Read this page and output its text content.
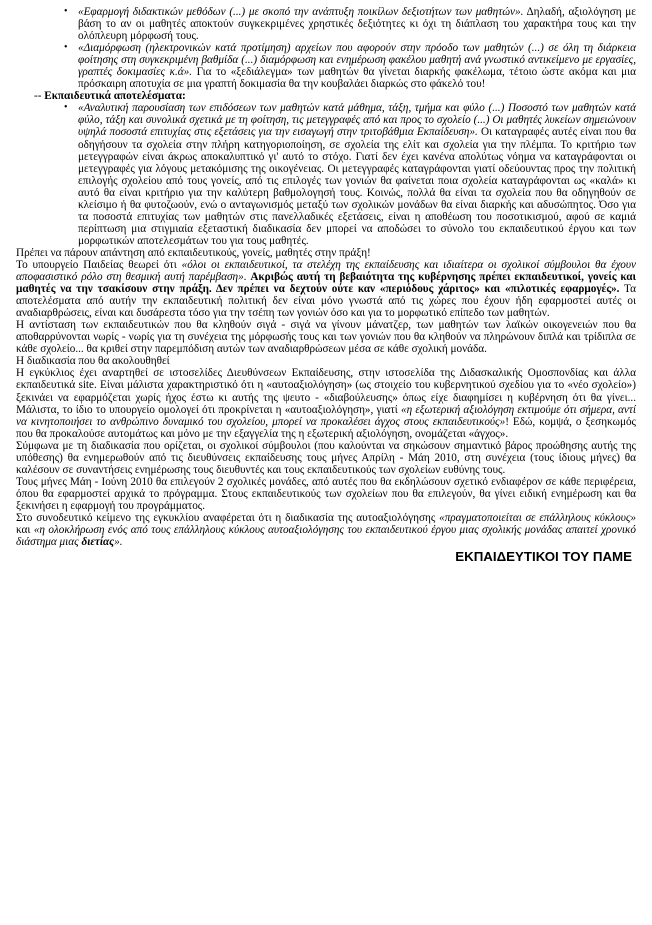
• «Εφαρμογή διδακτικών μεθόδων (...) με σκοπό την ανάπτυξη ποικίλων δεξιοτήτων των μαθητών». Δηλαδή, αξιολόγηση με βάση το αν οι μαθητές αποκτούν συγκεκριμένες χρηστικές δεξιότητες κι όχι τη διάπλαση του χαρακτήρα τους και την ολόπλευρη μόρφωσή τους.
• «Διαμόρφωση (ηλεκτρονικών κατά προτίμηση) αρχείων που αφορούν στην πρόοδο των μαθητών (...) σε όλη τη διάρκεια φοίτησης στη συγκεκριμένη βαθμίδα (...) διαμόρφωση και ενημέρωση φακέλου μαθητή ανά γνωστικό αντικείμενο με εργασίες, γραπτές δοκιμασίες κ.ά». Για το «ξεδιάλεγμα» των μαθητών θα γίνεται διαρκής φακέλωμα, τέτοιο ώστε ακόμα και μια πρόσκαιρη αποτυχία σε μια γραπτή δοκιμασία θα την κουβαλάει διαρκώς στο φάκελό του!

-- Εκπαιδευτικά αποτελέσματα:

• «Αναλυτική παρουσίαση των επιδόσεων των μαθητών κατά μάθημα, τάξη, τμήμα και φύλο (...) Ποσοστό των μαθητών κατά φύλο, τάξη και συνολικά σχετικά με τη φοίτηση, τις μετεγγραφές από και προς το σχολείο (...) Οι μαθητές λυκείων σημειώνουν υψηλά ποσοστά επιτυχίας στις εξετάσεις για την εισαγωγή στην τριτοβάθμια Εκπαίδευση». Οι καταγραφές αυτές είναι που θα οδηγήσουν τα σχολεία στην πλήρη κατηγοριοποίηση, σε σχολεία της ελίτ και σχολεία για την πλέμπα. Το κριτήριο των μετεγγραφών είναι άκρως αποκαλυπτικό γι' αυτό το στόχο. Γιατί δεν έχει κανένα απολύτως νόημα να καταγράφονται οι μετεγγραφές για λόγους μετακόμισης της οικογένειας. Οι μετεγγραφές καταγράφονται γιατί οδεύουντας προς την πολιτική επιλογής σχολείου από τους γονείς, από τις επιλογές των γονιών θα φαίνεται ποια σχολεία καταγράφονται ως «καλά» κι αυτό θα είναι κριτήριο για την καλύτερη βαθμολογησή τους. Κοινώς, πολλά θα είναι τα σχολεία που θα οδηγηθούν σε κλείσιμο ή θα φυτοζωούν, ενώ ο ανταγωνισμός μεταξύ των σχολικών μονάδων θα είναι διαρκής και αδυσώπητος. Όσο για τα ποσοστά επιτυχίας των μαθητών στις πανελλαδικές εξετάσεις, είναι η αποθέωση του ποσοτικισμού, αφού σε καμιά περίπτωση μια στιγμιαία εξεταστική διαδικασία δεν μπορεί να αποδώσει το σύνολο του εκπαιδευτικού έργου και των μορφωτικών αποτελεσμάτων του για τους μαθητές.

Πρέπει να πάρουν απάντηση από εκπαιδευτικούς, γονείς, μαθητές στην πράξη!

Το υπουργείο Παιδείας θεωρεί ότι «όλοι οι εκπαιδευτικοί, τα στελέχη της εκπαίδευσης και ιδιαίτερα οι σχολικοί σύμβουλοι θα έχουν αποφασιστικό ρόλο στη θεσμική αυτή παρέμβαση». Ακριβώς αυτή τη βεβαιότητα της κυβέρνησης πρέπει εκπαιδευτικοί, γονείς και μαθητές να την τσακίσουν στην πράξη. Δεν πρέπει να δεχτούν ούτε καν «περιόδους χάριτος» και «πιλοτικές εφαρμογές». Τα αποτελέσματα από αυτήν την εκπαιδευτική πολιτική δεν είναι μόνο γνωστά από τις χώρες που έχουν ήδη εφαρμοστεί αυτές οι αναδιαρθρώσεις, είναι και δυσάρεστα τόσο για την τσέπη των γονιών όσο και για το μορφωτικό επίπεδο των μαθητών.

Η αντίσταση των εκπαιδευτικών που θα κληθούν σιγά - σιγά να γίνουν μάνατζερ, των μαθητών των λαϊκών οικογενειών που θα αποθαρρύνονται νωρίς - νωρίς για τη συνέχεια της μόρφωσής τους και των γονιών που θα κληθούν να πληρώνουν διπλά και τρίδιπλα σε κάθε σχολείο... θα κριθεί στην παρεμπόδιση αυτών των αναδιαρθρώσεων μέσα σε κάθε σχολική μονάδα.

Η διαδικασία που θα ακολουθηθεί

Η εγκύκλιος έχει αναρτηθεί σε ιστοσελίδες Διευθύνσεων Εκπαίδευσης, στην ιστοσελίδα της Διδασκαλικής Ομοσπονδίας και άλλα εκπαιδευτικά site. Είναι μάλιστα χαρακτηριστικό ότι η «αυτοαξιολόγηση» (ως στοιχείο του κυβερνητικού σχεδίου για το «νέο σχολείο») ξεκινάει να εφαρμόζεται χωρίς ήχος έστω κι αυτής της ψευτο - «διαβούλευσης» όπως είχε διαφημίσει η κυβέρνηση ότι θα γίνει... Μάλιστα, το ίδιο το υπουργείο ομολογεί ότι προκρίνεται η «αυτοαξιολόγηση», γιατί «η εξωτερική αξιολόγηση εκτιμούμε ότι σήμερα, αντί να κινητοποιήσει το ανθρώπινο δυναμικό του σχολείου, μπορεί να προκαλέσει άγχος στους εκπαιδευτικούς»! Εδώ, κομψά, ο ξεσηκωμός που θα προκαλούσε αυτομάτως και μόνο με την εξαγγελία της η εξωτερική αξιολόγηση, ονομάζεται «άγχος».

Σύμφωνα με τη διαδικασία που ορίζεται, οι σχολικοί σύμβουλοι (που καλούνται να σηκώσουν σημαντικό βάρος προώθησης αυτής της υπόθεσης) θα ενημερωθούν από τις διευθύνσεις εκπαίδευσης τους μήνες Απρίλη - Μάη 2010, στη συνέχεια (τους ίδιους μήνες) θα καλέσουν σε συναντήσεις ενημέρωσης τους διευθυντές και τους εκπαιδευτικούς των σχολείων ευθύνης τους.

Τους μήνες Μάη - Ιούνη 2010 θα επιλεγούν 2 σχολικές μονάδες, από αυτές που θα εκδηλώσουν σχετικό ενδιαφέρον σε κάθε περιφέρεια, όπου θα εφαρμοστεί αρχικά το πρόγραμμα. Στους εκπαιδευτικούς των σχολείων που θα επιλεγούν, θα γίνει ειδική ενημέρωση και θα ξεκινήσει η εφαρμογή του προγράμματος.

Στο συνοδευτικό κείμενο της εγκυκλίου αναφέρεται ότι η διαδικασία της αυτοαξιολόγησης «πραγματοποιείται σε επάλληλους κύκλους» και «η ολοκλήρωση ενός από τους επάλληλους κύκλους αυτοαξιολόγησης του εκπαιδευτικού έργου μιας σχολικής μονάδας απαιτεί χρονικό διάστημα μιας διετίας».

ΕΚΠΑΙΔΕΥΤΙΚΟΙ ΤΟΥ ΠΑΜΕ
